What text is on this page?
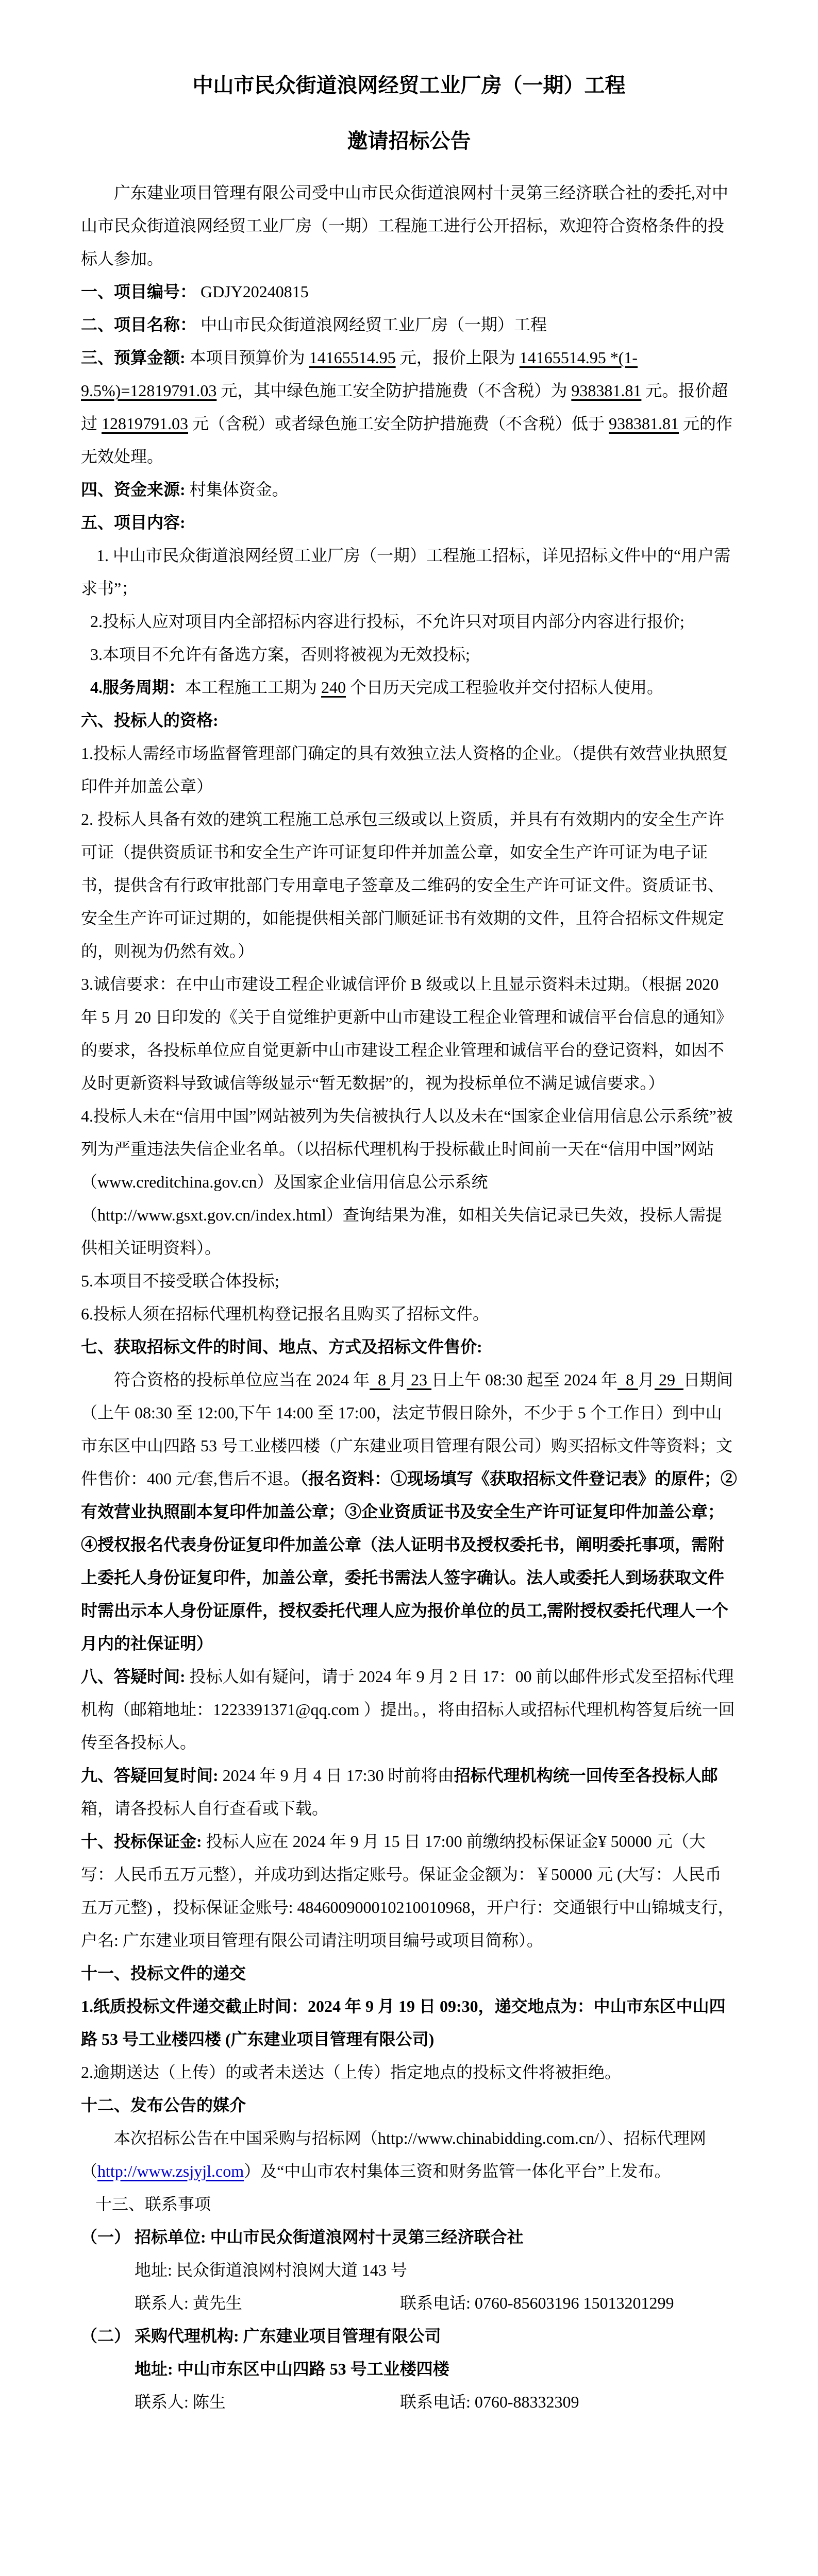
中山市民众街道浪网经贸工业厂房（一期）工程
邀请招标公告

广东建业项目管理有限公司受中山市民众街道浪网村十灵第三经济联合社的委托,对中山市民众街道浪网经贸工业厂房（一期）工程施工进行公开招标，欢迎符合资格条件的投标人参加。

一、项目编号： GDJY20240815

二、项目名称： 中山市民众街道浪网经贸工业厂房（一期）工程

三、预算金额: 本项目预算价为 14165514.95 元，报价上限为 14165514.95 *(1-9.5%)=12819791.03 元，其中绿色施工安全防护措施费（不含税）为 938381.81 元。报价超过 12819791.03 元（含税）或者绿色施工安全防护措施费（不含税）低于 938381.81 元的作无效处理。

四、资金来源: 村集体资金。

五、项目内容:

1. 中山市民众街道浪网经贸工业厂房（一期）工程施工招标，详见招标文件中的“用户需求书”；

2.投标人应对项目内全部招标内容进行投标，不允许只对项目内部分内容进行报价;

3.本项目不允许有备选方案，否则将被视为无效投标;

4.服务周期：本工程施工工期为 240 个日历天完成工程验收并交付招标人使用。

六、投标人的资格:

1.投标人需经市场监督管理部门确定的具有效独立法人资格的企业。（提供有效营业执照复印件并加盖公章）

2. 投标人具备有效的建筑工程施工总承包三级或以上资质，并具有有效期内的安全生产许可证（提供资质证书和安全生产许可证复印件并加盖公章，如安全生产许可证为电子证书，提供含有行政审批部门专用章电子签章及二维码的安全生产许可证文件。资质证书、安全生产许可证过期的，如能提供相关部门顺延证书有效期的文件，且符合招标文件规定的，则视为仍然有效。）

3.诚信要求：在中山市建设工程企业诚信评价 B 级或以上且显示资料未过期。（根据 2020 年 5 月 20 日印发的《关于自觉维护更新中山市建设工程企业管理和诚信平台信息的通知》的要求，各投标单位应自觉更新中山市建设工程企业管理和诚信平台的登记资料，如因不及时更新资料导致诚信等级显示“暂无数据”的，视为投标单位不满足诚信要求。）

4.投标人未在“信用中国”网站被列为失信被执行人以及未在“国家企业信用信息公示系统”被列为严重违法失信企业名单。（以招标代理机构于投标截止时间前一天在“信用中国”网站（www.creditchina.gov.cn）及国家企业信用信息公示系统（http://www.gsxt.gov.cn/index.html）查询结果为准，如相关失信记录已失效，投标人需提供相关证明资料）。

5.本项目不接受联合体投标;

6.投标人须在招标代理机构登记报名且购买了招标文件。

七、获取招标文件的时间、地点、方式及招标文件售价:

符合资格的投标单位应当在 2024 年  8 月 23 日上午 08:30 起至 2024 年  8 月 29  日期间（上午 08:30 至 12:00,下午 14:00 至 17:00，法定节假日除外，不少于 5 个工作日）到中山市东区中山四路 53 号工业楼四楼（广东建业项目管理有限公司）购买招标文件等资料；文件售价：400 元/套,售后不退。（报名资料：①现场填写《获取招标文件登记表》的原件；②有效营业执照副本复印件加盖公章；③企业资质证书及安全生产许可证复印件加盖公章；④授权报名代表身份证复印件加盖公章（法人证明书及授权委托书，阐明委托事项，需附上委托人身份证复印件，加盖公章，委托书需法人签字确认。法人或委托人到场获取文件时需出示本人身份证原件，授权委托代理人应为报价单位的员工,需附授权委托代理人一个月内的社保证明）

八、答疑时间: 投标人如有疑问，请于 2024 年 9 月 2 日 17：00 前以邮件形式发至招标代理机构（邮箱地址：1223391371@qq.com ）提出。，将由招标人或招标代理机构答复后统一回传至各投标人。

九、答疑回复时间: 2024 年 9 月 4 日 17:30 时前将由招标代理机构统一回传至各投标人邮箱，请各投标人自行查看或下载。

十、投标保证金: 投标人应在 2024 年 9 月 15 日 17:00 前缴纳投标保证金¥ 50000 元（大写：人民币五万元整），并成功到达指定账号。保证金金额为：￥50000 元 (大写：人民币五万元整) ，投标保证金账号: 484600900010210010968，开户行：交通银行中山锦城支行，户名: 广东建业项目管理有限公司请注明项目编号或项目简称）。

十一、投标文件的递交

1.纸质投标文件递交截止时间：2024 年 9 月 19 日 09:30，递交地点为：中山市东区中山四路 53 号工业楼四楼 (广东建业项目管理有限公司)

2.逾期送达（上传）的或者未送达（上传）指定地点的投标文件将被拒绝。

十二、发布公告的媒介

本次招标公告在中国采购与招标网（http://www.chinabidding.com.cn/）、招标代理网（http://www.zsjyjl.com）及“中山市农村集体三资和财务监管一体化平台”上发布。

十三、联系事项

（一） 招标单位: 中山市民众街道浪网村十灵第三经济联合社

地址: 民众街道浪网村浪网大道 143 号

联系人: 黄先生	联系电话: 0760-85603196 15013201299

（二） 采购代理机构: 广东建业项目管理有限公司

地址: 中山市东区中山四路 53 号工业楼四楼

联系人: 陈生	联系电话: 0760-88332309
